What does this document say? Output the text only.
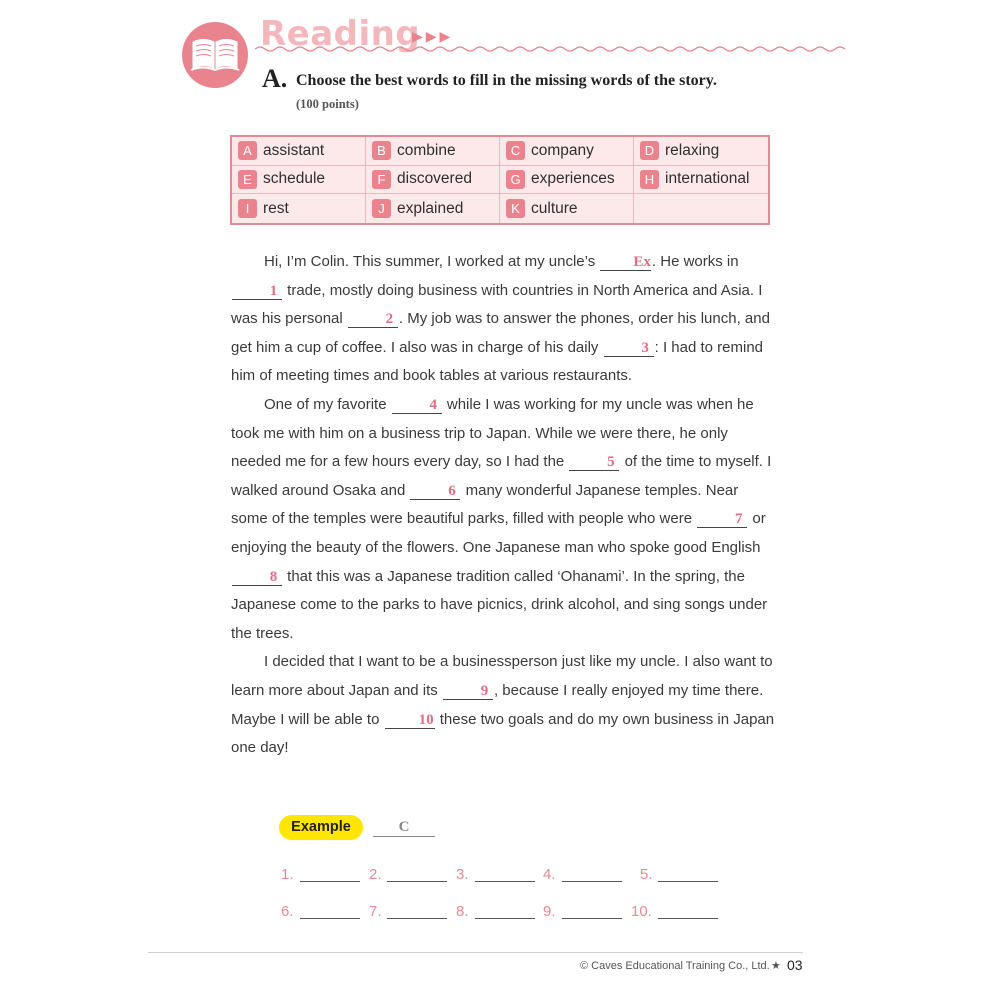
Reading
▶▶▶
A. Choose the best words to fill in the missing words of the story.
(100 points)
A assistant	B combine	C company	D relaxing
E schedule	F discovered	G experiences	H international
I rest	J explained	K culture

Hi, I’m Colin. This summer, I worked at my uncle’s Ex. He works in 1 trade, mostly doing business with countries in North America and Asia. I was his personal	2 . My job was to answer the phones, order his lunch, and get him a cup of coffee. I also was in charge of his daily	3 : I had to remind him of meeting times and book tables at various restaurants.

One of my favorite	4 while I was working for my uncle was when he took me with him on a business trip to Japan. While we were there, he only needed me for a few hours every day, so I had the	5 of the time to myself. I walked around Osaka and	6 many wonderful Japanese temples. Near some of the temples were beautiful parks, filled with people who were	7 or enjoying the beauty of the flowers. One Japanese man who spoke good English 8 that this was a Japanese tradition called ‘Ohanami’. In the spring, the Japanese come to the parks to have picnics, drink alcohol, and sing songs under the trees.

I decided that I want to be a businessperson just like my uncle. I also want to learn more about Japan and its	9 , because I really enjoyed my time there. Maybe I will be able to 10 these two goals and do my own business in Japan one day!

Example	C
1.	2.	3.	4.	5.
6.	7.	8.	9.	10.
© Caves Educational Training Co., Ltd. ★ 03
